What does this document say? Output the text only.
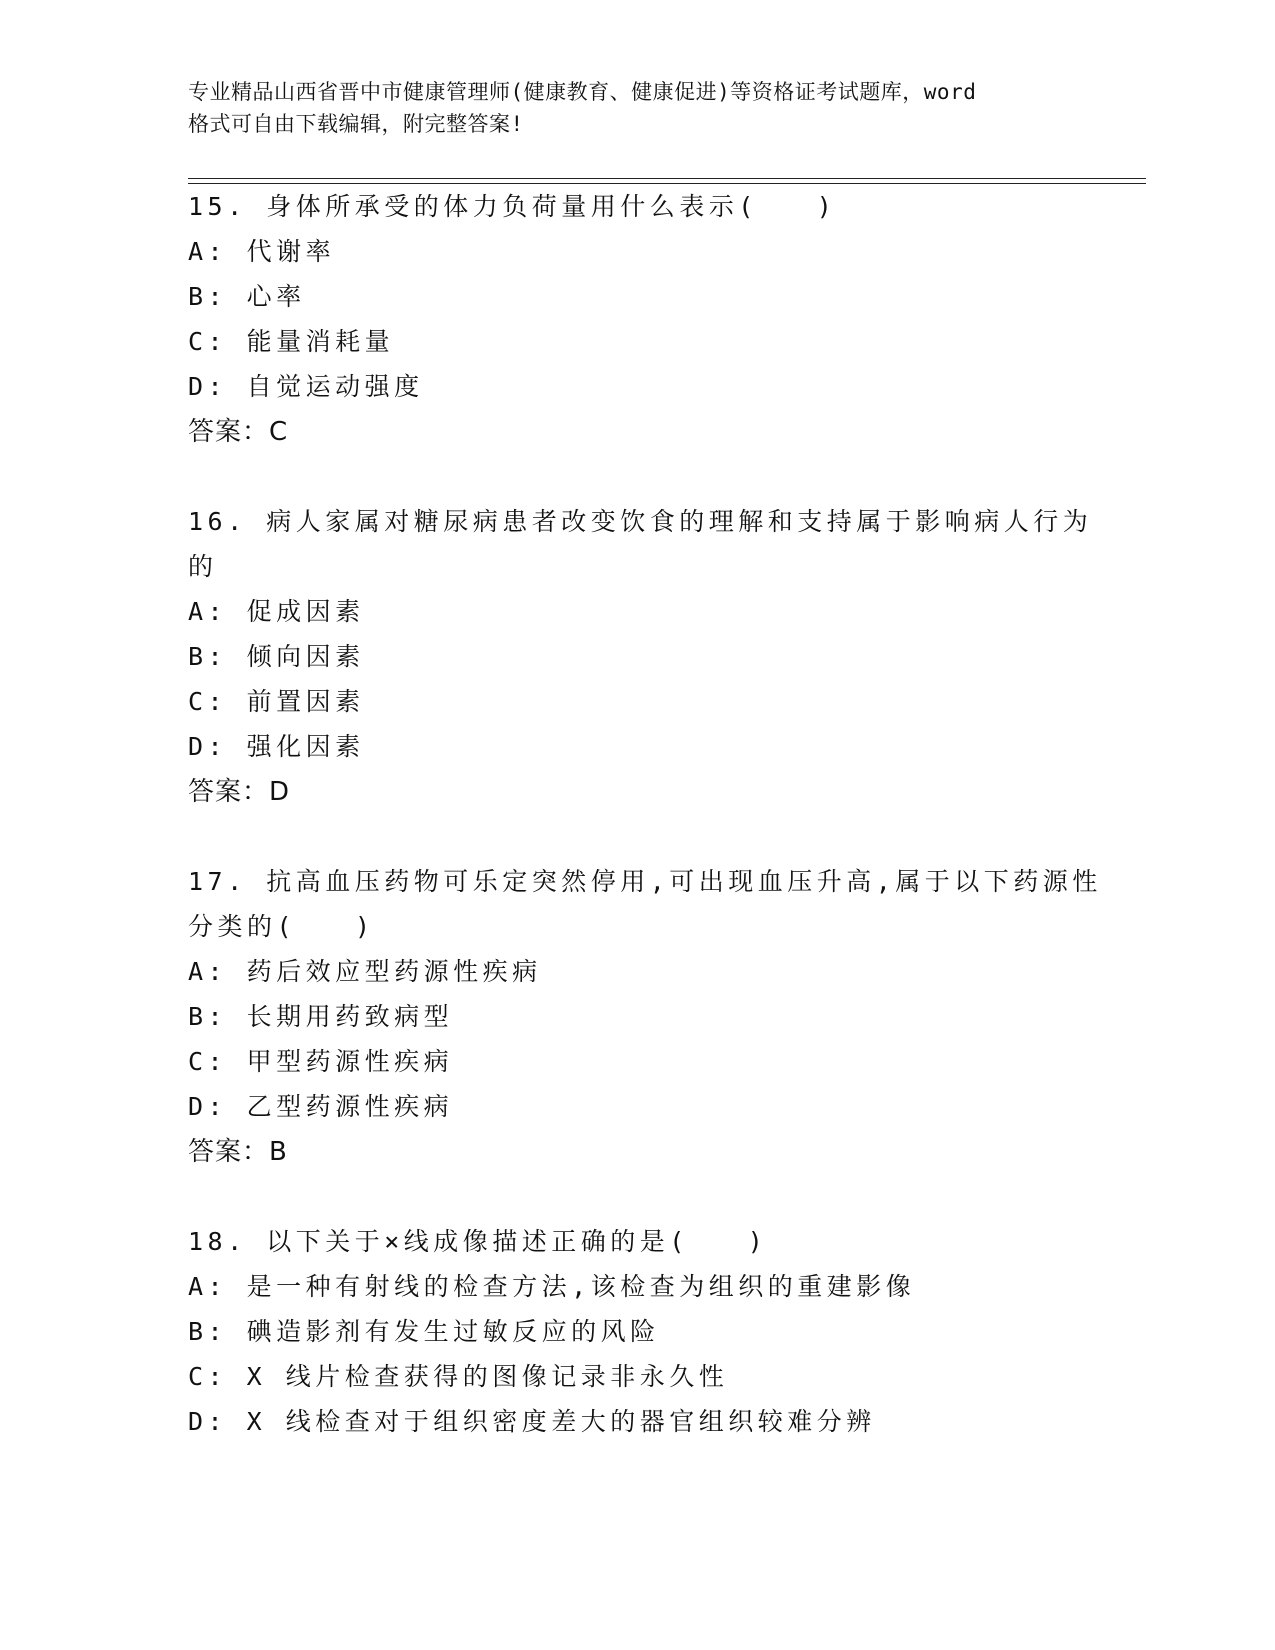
专业精品山西省晋中市健康管理师(健康教育、健康促进)等资格证考试题库，word
格式可自由下载编辑，附完整答案!
15. 身体所承受的体力负荷量用什么表示(　　)
A: 代谢率
B: 心率
C: 能量消耗量
D: 自觉运动强度
答案：C
16. 病人家属对糖尿病患者改变饮食的理解和支持属于影响病人行为
的
A: 促成因素
B: 倾向因素
C: 前置因素
D: 强化因素
答案：D
17. 抗高血压药物可乐定突然停用,可出现血压升高,属于以下药源性
分类的(　　)
A: 药后效应型药源性疾病
B: 长期用药致病型
C: 甲型药源性疾病
D: 乙型药源性疾病
答案：B
18. 以下关于×线成像描述正确的是(　　)
A: 是一种有射线的检查方法,该检查为组织的重建影像
B: 碘造影剂有发生过敏反应的风险
C: X 线片检查获得的图像记录非永久性
D: X 线检查对于组织密度差大的器官组织较难分辨
